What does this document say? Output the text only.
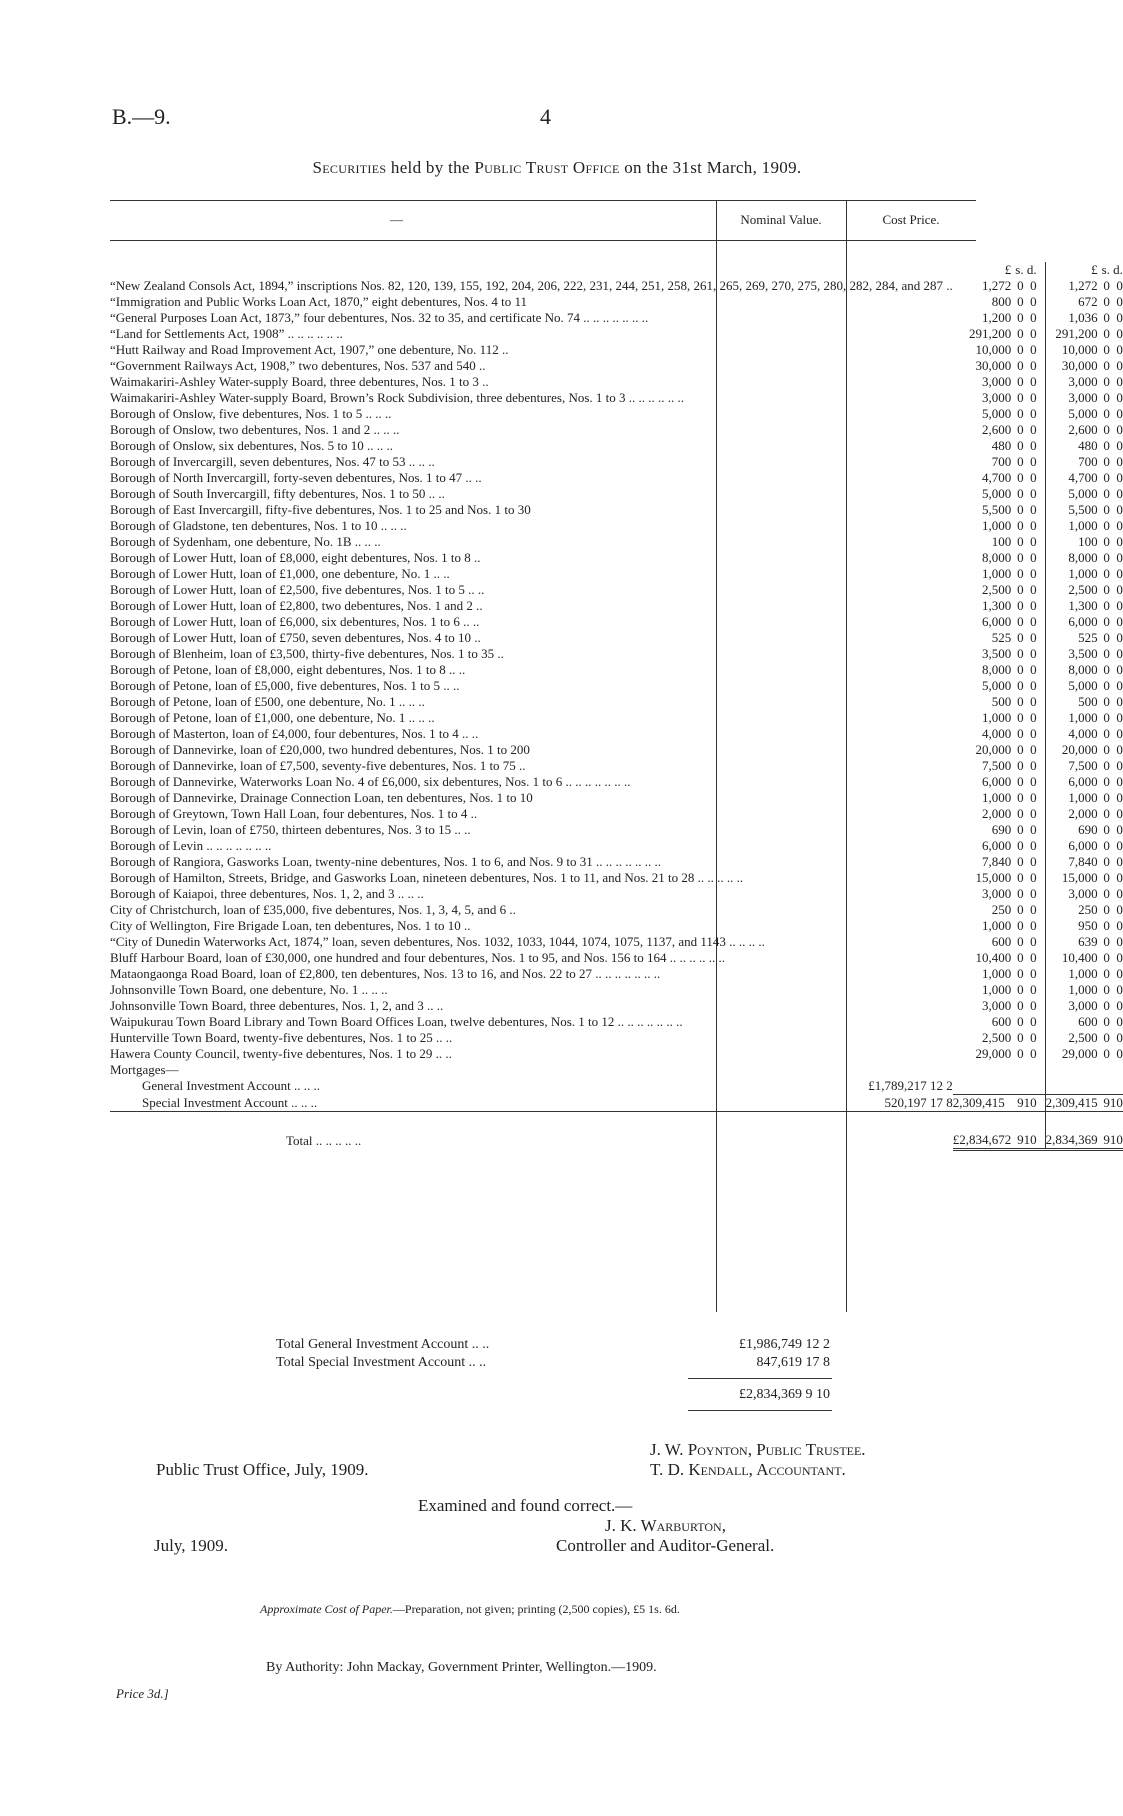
B.—9.	4
Securities held by the Public Trust Office on the 31st March, 1909.
—	Nominal Value.	Cost Price.
	£	s.	d.	£	s.	d.
“New Zealand Consols Act, 1894,” inscriptions Nos. 82, 120, 139, 155, 192, 204, 206, 222, 231, 244, 251, 258, 261, 265, 269, 270, 275, 280, 282, 284, and 287 ..	1,272	0	0	1,272	0	0
“Immigration and Public Works Loan Act, 1870,” eight debentures, Nos. 4 to 11	800	0	0	672	0	0
“General Purposes Loan Act, 1873,” four debentures, Nos. 32 to 35, and certificate No. 74 .. .. .. .. .. .. ..	1,200	0	0	1,036	0	0
“Land for Settlements Act, 1908” .. .. .. .. .. ..	291,200	0	0	291,200	0	0
“Hutt Railway and Road Improvement Act, 1907,” one debenture, No. 112 ..	10,000	0	0	10,000	0	0
“Government Railways Act, 1908,” two debentures, Nos. 537 and 540 ..	30,000	0	0	30,000	0	0
Waimakariri-Ashley Water-supply Board, three debentures, Nos. 1 to 3 ..	3,000	0	0	3,000	0	0
Waimakariri-Ashley Water-supply Board, Brown’s Rock Subdivision, three debentures, Nos. 1 to 3 .. .. .. .. .. ..	3,000	0	0	3,000	0	0
Borough of Onslow, five debentures, Nos. 1 to 5 .. .. ..	5,000	0	0	5,000	0	0
Borough of Onslow, two debentures, Nos. 1 and 2 .. .. ..	2,600	0	0	2,600	0	0
Borough of Onslow, six debentures, Nos. 5 to 10 .. .. ..	480	0	0	480	0	0
Borough of Invercargill, seven debentures, Nos. 47 to 53 .. .. ..	700	0	0	700	0	0
Borough of North Invercargill, forty-seven debentures, Nos. 1 to 47 .. ..	4,700	0	0	4,700	0	0
Borough of South Invercargill, fifty debentures, Nos. 1 to 50 .. ..	5,000	0	0	5,000	0	0
Borough of East Invercargill, fifty-five debentures, Nos. 1 to 25 and Nos. 1 to 30	5,500	0	0	5,500	0	0
Borough of Gladstone, ten debentures, Nos. 1 to 10 .. .. ..	1,000	0	0	1,000	0	0
Borough of Sydenham, one debenture, No. 1B .. .. ..	100	0	0	100	0	0
Borough of Lower Hutt, loan of £8,000, eight debentures, Nos. 1 to 8 ..	8,000	0	0	8,000	0	0
Borough of Lower Hutt, loan of £1,000, one debenture, No. 1 .. ..	1,000	0	0	1,000	0	0
Borough of Lower Hutt, loan of £2,500, five debentures, Nos. 1 to 5 .. ..	2,500	0	0	2,500	0	0
Borough of Lower Hutt, loan of £2,800, two debentures, Nos. 1 and 2 ..	1,300	0	0	1,300	0	0
Borough of Lower Hutt, loan of £6,000, six debentures, Nos. 1 to 6 .. ..	6,000	0	0	6,000	0	0
Borough of Lower Hutt, loan of £750, seven debentures, Nos. 4 to 10 ..	525	0	0	525	0	0
Borough of Blenheim, loan of £3,500, thirty-five debentures, Nos. 1 to 35 ..	3,500	0	0	3,500	0	0
Borough of Petone, loan of £8,000, eight debentures, Nos. 1 to 8 .. ..	8,000	0	0	8,000	0	0
Borough of Petone, loan of £5,000, five debentures, Nos. 1 to 5 .. ..	5,000	0	0	5,000	0	0
Borough of Petone, loan of £500, one debenture, No. 1 .. .. ..	500	0	0	500	0	0
Borough of Petone, loan of £1,000, one debenture, No. 1 .. .. ..	1,000	0	0	1,000	0	0
Borough of Masterton, loan of £4,000, four debentures, Nos. 1 to 4 .. ..	4,000	0	0	4,000	0	0
Borough of Dannevirke, loan of £20,000, two hundred debentures, Nos. 1 to 200	20,000	0	0	20,000	0	0
Borough of Dannevirke, loan of £7,500, seventy-five debentures, Nos. 1 to 75 ..	7,500	0	0	7,500	0	0
Borough of Dannevirke, Waterworks Loan No. 4 of £6,000, six debentures, Nos. 1 to 6 .. .. .. .. .. .. ..	6,000	0	0	6,000	0	0
Borough of Dannevirke, Drainage Connection Loan, ten debentures, Nos. 1 to 10	1,000	0	0	1,000	0	0
Borough of Greytown, Town Hall Loan, four debentures, Nos. 1 to 4 ..	2,000	0	0	2,000	0	0
Borough of Levin, loan of £750, thirteen debentures, Nos. 3 to 15 .. ..	690	0	0	690	0	0
Borough of Levin .. .. .. .. .. .. ..	6,000	0	0	6,000	0	0
Borough of Rangiora, Gasworks Loan, twenty-nine debentures, Nos. 1 to 6, and Nos. 9 to 31 .. .. .. .. .. .. ..	7,840	0	0	7,840	0	0
Borough of Hamilton, Streets, Bridge, and Gasworks Loan, nineteen debentures, Nos. 1 to 11, and Nos. 21 to 28 .. .. .. .. ..	15,000	0	0	15,000	0	0
Borough of Kaiapoi, three debentures, Nos. 1, 2, and 3 .. .. ..	3,000	0	0	3,000	0	0
City of Christchurch, loan of £35,000, five debentures, Nos. 1, 3, 4, 5, and 6 ..	250	0	0	250	0	0
City of Wellington, Fire Brigade Loan, ten debentures, Nos. 1 to 10 ..	1,000	0	0	950	0	0
“City of Dunedin Waterworks Act, 1874,” loan, seven debentures, Nos. 1032, 1033, 1044, 1074, 1075, 1137, and 1143 .. .. .. ..	600	0	0	639	0	0
Bluff Harbour Board, loan of £30,000, one hundred and four debentures, Nos. 1 to 95, and Nos. 156 to 164 .. .. .. .. .. ..	10,400	0	0	10,400	0	0
Mataongaonga Road Board, loan of £2,800, ten debentures, Nos. 13 to 16, and Nos. 22 to 27 .. .. .. .. .. .. ..	1,000	0	0	1,000	0	0
Johnsonville Town Board, one debenture, No. 1 .. .. ..	1,000	0	0	1,000	0	0
Johnsonville Town Board, three debentures, Nos. 1, 2, and 3 .. ..	3,000	0	0	3,000	0	0
Waipukurau Town Board Library and Town Board Offices Loan, twelve debentures, Nos. 1 to 12 .. .. .. .. .. .. ..	600	0	0	600	0	0
Hunterville Town Board, twenty-five debentures, Nos. 1 to 25 .. ..	2,500	0	0	2,500	0	0
Hawera County Council, twenty-five debentures, Nos. 1 to 29 .. ..	29,000	0	0	29,000	0	0
Mortgages—						
General Investment Account .. .. .. £1,789,217 12 2						

Special Investment Account .. .. .. 520,197 17 8	2,309,415	9	10	2,309,415	9	10
Total .. .. .. .. ..	£2,834,672	9	10	2,834,369	9	10
Total General Investment Account .. ..	£1,986,749 12 2
Total Special Investment Account .. ..	847,619 17 8
£2,834,369 9 10
Public Trust Office, July, 1909.
J. W. Poynton, Public Trustee.
T. D. Kendall, Accountant.
Examined and found correct.—
J. K. Warburton,
Controller and Auditor-General.
July, 1909.
Approximate Cost of Paper.—Preparation, not given; printing (2,500 copies), £5 1s. 6d.
By Authority: John Mackay, Government Printer, Wellington.—1909.
Price 3d.]
